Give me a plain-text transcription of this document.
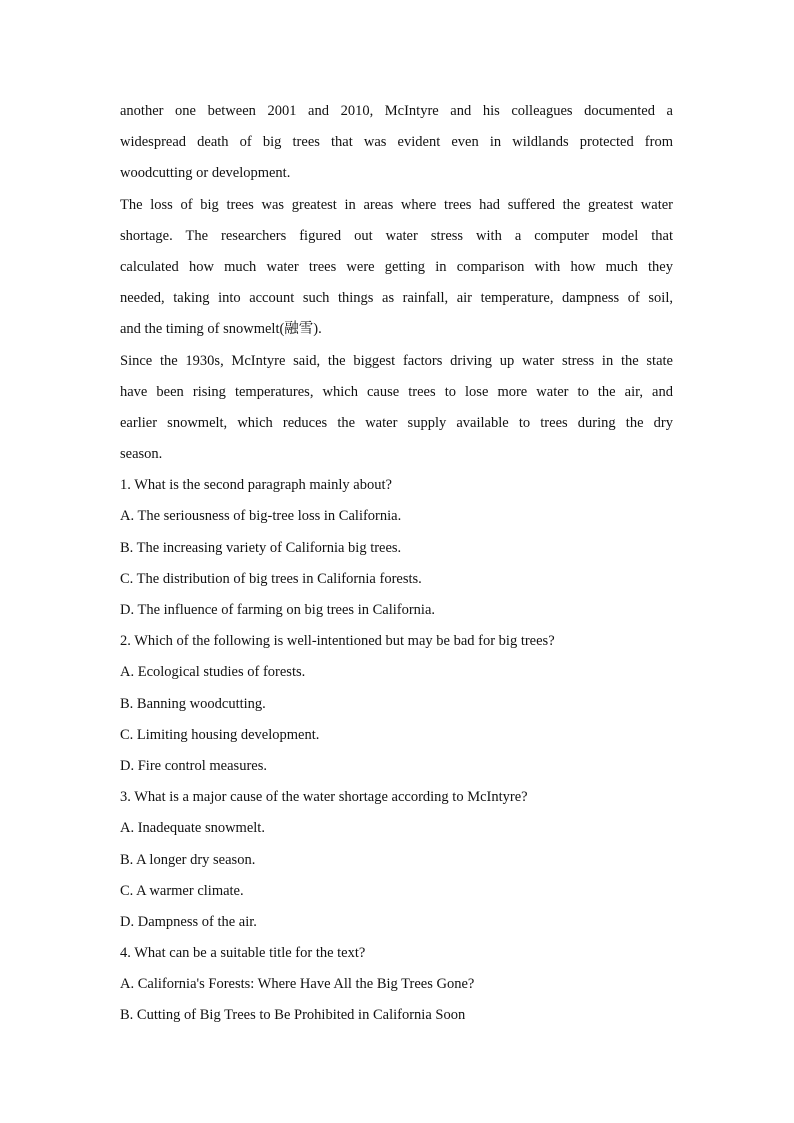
another one between 2001 and 2010, McIntyre and his colleagues documented a
widespread death of big trees that was evident even in wildlands protected from
woodcutting or development.
The loss of big trees was greatest in areas where trees had suffered the greatest water
shortage. The researchers figured out water stress with a computer model that
calculated how much water trees were getting in comparison with how much they
needed, taking into account such things as rainfall, air temperature, dampness of soil,
and the timing of snowmelt(融雪).
Since the 1930s, McIntyre said, the biggest factors driving up water stress in the state
have been rising temperatures, which cause trees to lose more water to the air, and
earlier snowmelt, which reduces the water supply available to trees during the dry
season.
1. What is the second paragraph mainly about?
A. The seriousness of big-tree loss in California.
B. The increasing variety of California big trees.
C. The distribution of big trees in California forests.
D. The influence of farming on big trees in California.
2. Which of the following is well-intentioned but may be bad for big trees?
A. Ecological studies of forests.
B. Banning woodcutting.
C. Limiting housing development.
D. Fire control measures.
3. What is a major cause of the water shortage according to McIntyre?
A. Inadequate snowmelt.
B. A longer dry season.
C. A warmer climate.
D. Dampness of the air.
4. What can be a suitable title for the text?
A. California's Forests: Where Have All the Big Trees Gone?
B. Cutting of Big Trees to Be Prohibited in California Soon
